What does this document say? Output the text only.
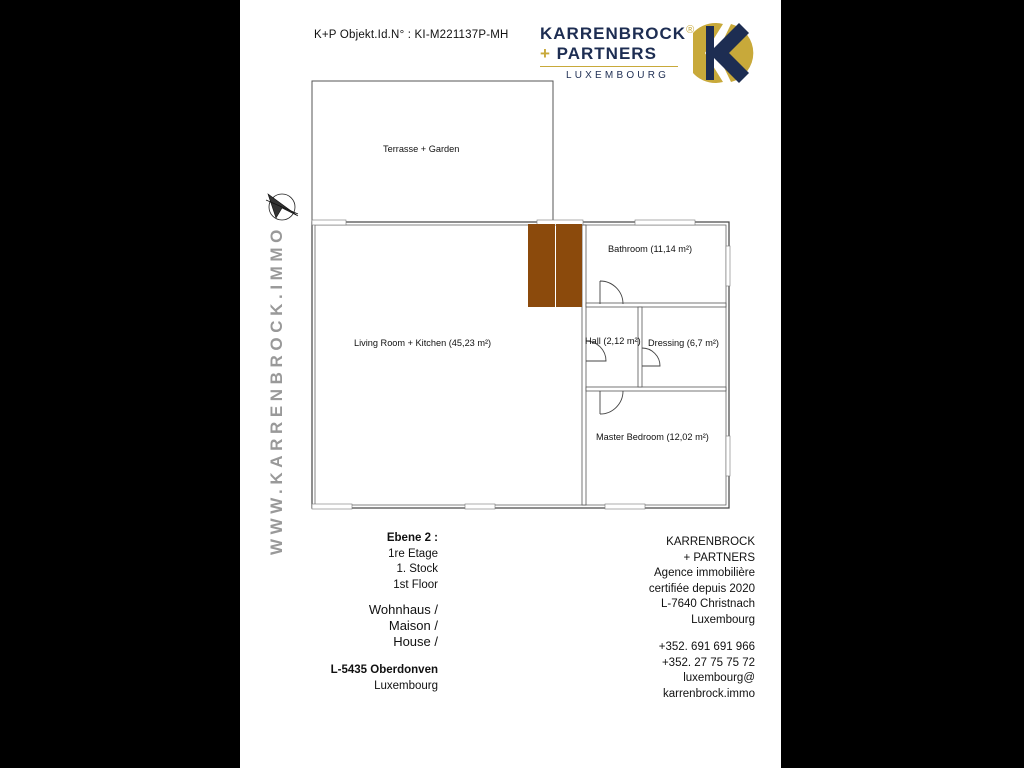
K+P Objekt.Id.N° : KI-M221137P-MH KARRENBROCK®
+ PARTNERS
LUXEMBOURG
WWW.KARRENBROCK.IMMO
Terrasse + Garden
Living Room + Kitchen (45,23 m²)
Bathroom (11,14 m²)
Hall (2,12 m²) Dressing (6,7 m²)
Master Bedroom (12,02 m²)
Ebene 2 :
1re Etage
1. Stock
1st Floor
Wohnhaus /
Maison /
House /
L-5435 Oberdonven
Luxembourg
KARRENBROCK
+ PARTNERS
Agence immobilière
certifiée depuis 2020
L-7640 Christnach
Luxembourg
+352. 691 691 966
+352. 27 75 75 72
luxembourg@
karrenbrock.immo
